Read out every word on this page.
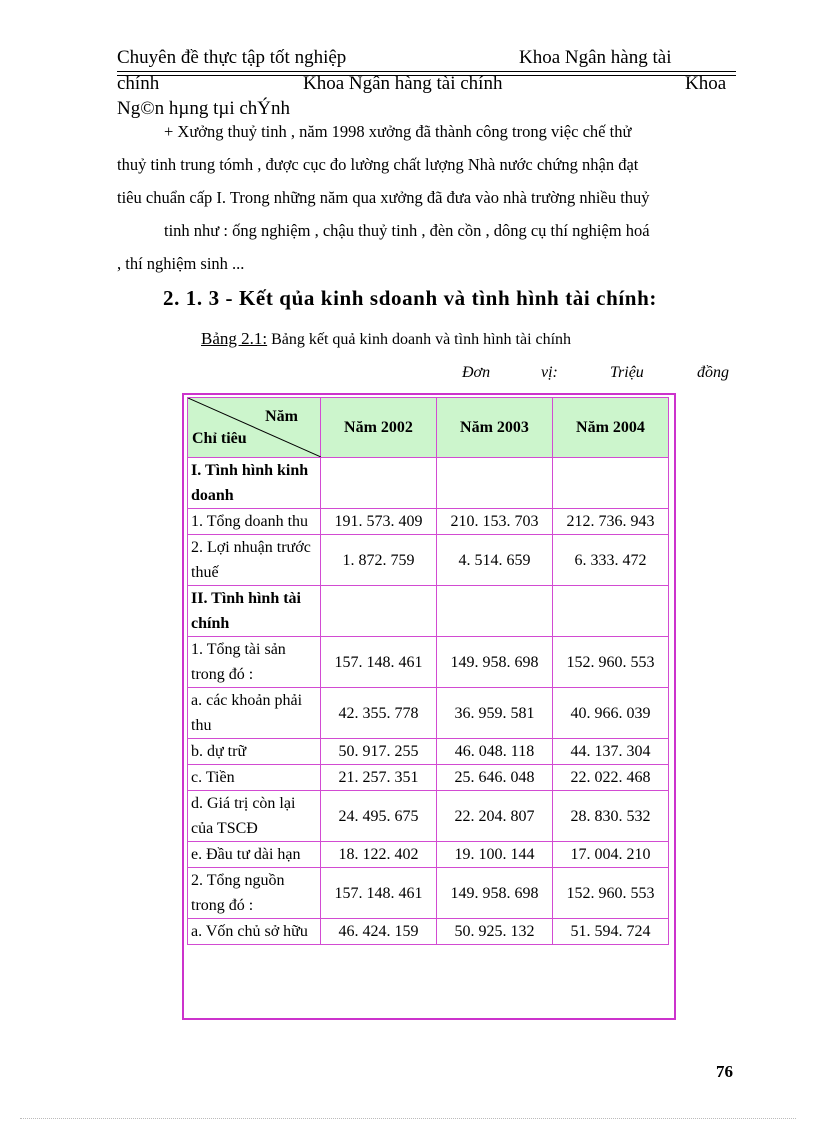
Chuyên đề thực tập tốt nghiệp	Khoa Ngân hàng tài
chính	Khoa Ngân hàng tài chính	Khoa
Ng©n hµng tµi chÝnh
+ Xưởng thuỷ tinh , năm 1998 xưởng đã thành công trong việc chế thử
thuỷ tinh trung tómh , được cục đo lường chất lượng Nhà nước chứng nhận đạt
tiêu chuẩn cấp I. Trong những năm qua xưởng đã đưa vào nhà trường nhiều thuỷ
tinh như : ống nghiệm , chậu thuỷ tinh , đèn cồn , dông cụ thí nghiệm hoá
, thí nghiệm sinh ...
2. 1. 3 - Kết qủa kinh sdoanh và tình hình tài chính:
Bảng 2.1: Bảng kết quả kinh doanh và tình hình tài chính
Đơn	vị:	Triệu	đồng
Năm
Chỉ tiêu	Năm 2002	Năm 2003	Năm 2004
I. Tình hình kinh doanh			
1. Tổng doanh thu	191. 573. 409	210. 153. 703	212. 736. 943
2. Lợi nhuận trước thuế	1. 872. 759	4. 514. 659	6. 333. 472
II. Tình hình tài chính			
1. Tổng tài sản trong đó :	157. 148. 461	149. 958. 698	152. 960. 553
a. các khoản phải thu	42. 355. 778	36. 959. 581	40. 966. 039
b. dự trữ	50. 917. 255	46. 048. 118	44. 137. 304
c. Tiền	21. 257. 351	25. 646. 048	22. 022. 468
d. Giá trị còn lại của TSCĐ	24. 495. 675	22. 204. 807	28. 830. 532
e. Đầu tư dài hạn	18. 122. 402	19. 100. 144	17. 004. 210
2. Tổng nguồn trong đó :	157. 148. 461	149. 958. 698	152. 960. 553
a. Vốn chủ sở hữu	46. 424. 159	50. 925. 132	51. 594. 724
76
